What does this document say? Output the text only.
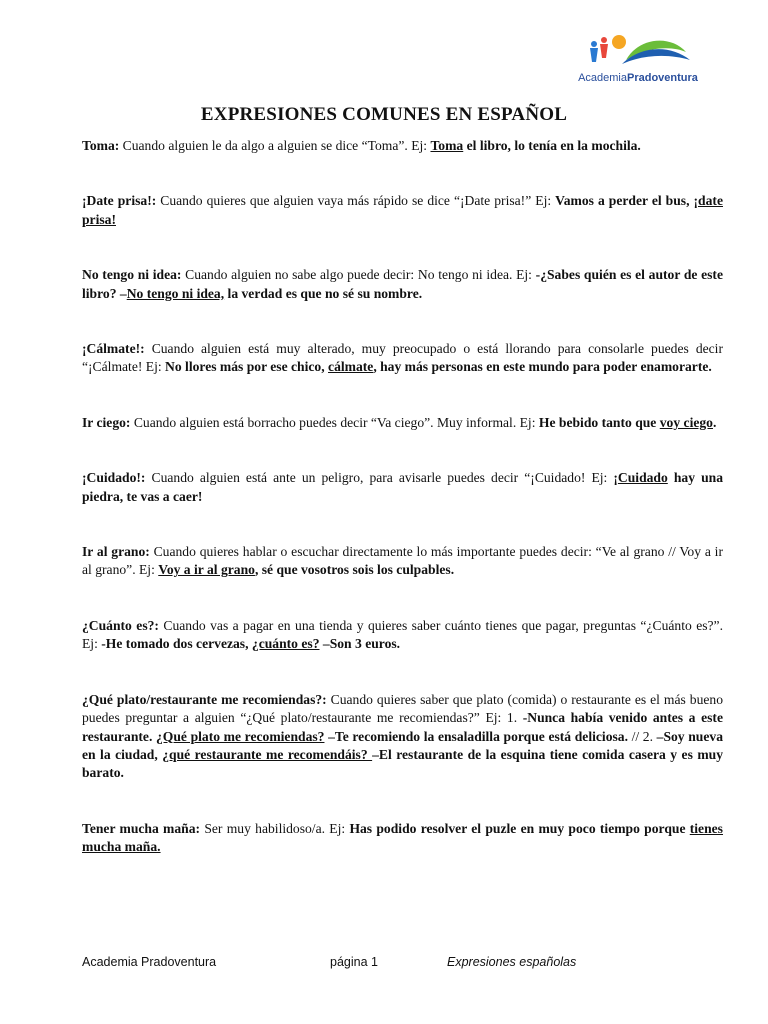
AcademiaPradoventura
EXPRESIONES COMUNES EN ESPAÑOL

Toma: Cuando alguien le da algo a alguien se dice “Toma”. Ej: Toma el libro, lo tenía en la mochila.

¡Date prisa!: Cuando quieres que alguien vaya más rápido se dice “¡Date prisa!” Ej: Vamos a perder el bus, ¡date prisa!

No tengo ni idea: Cuando alguien no sabe algo puede decir: No tengo ni idea. Ej: -¿Sabes quién es el autor de este libro? –No tengo ni idea, la verdad es que no sé su nombre.

¡Cálmate!: Cuando alguien está muy alterado, muy preocupado o está llorando para consolarle puedes decir “¡Cálmate! Ej: No llores más por ese chico, cálmate, hay más personas en este mundo para poder enamorarte.

Ir ciego: Cuando alguien está borracho puedes decir “Va ciego”. Muy informal. Ej: He bebido tanto que voy ciego.

¡Cuidado!: Cuando alguien está ante un peligro, para avisarle puedes decir “¡Cuidado! Ej: ¡Cuidado hay una piedra, te vas a caer!

Ir al grano: Cuando quieres hablar o escuchar directamente lo más importante puedes decir: “Ve al grano // Voy a ir al grano”. Ej: Voy a ir al grano, sé que vosotros sois los culpables.

¿Cuánto es?: Cuando vas a pagar en una tienda y quieres saber cuánto tienes que pagar, preguntas “¿Cuánto es?”. Ej: -He tomado dos cervezas, ¿cuánto es? –Son 3 euros.

¿Qué plato/restaurante me recomiendas?: Cuando quieres saber que plato (comida) o restaurante es el más bueno puedes preguntar a alguien “¿Qué plato/restaurante me recomiendas?” Ej: 1. -Nunca había venido antes a este restaurante. ¿Qué plato me recomiendas? –Te recomiendo la ensaladilla porque está deliciosa. // 2. –Soy nueva en la ciudad, ¿qué restaurante me recomendáis? –El restaurante de la esquina tiene comida casera y es muy barato.

Tener mucha maña: Ser muy habilidoso/a. Ej: Has podido resolver el puzle en muy poco tiempo porque tienes mucha maña.

Academia Pradoventura	página 1	Expresiones españolas
